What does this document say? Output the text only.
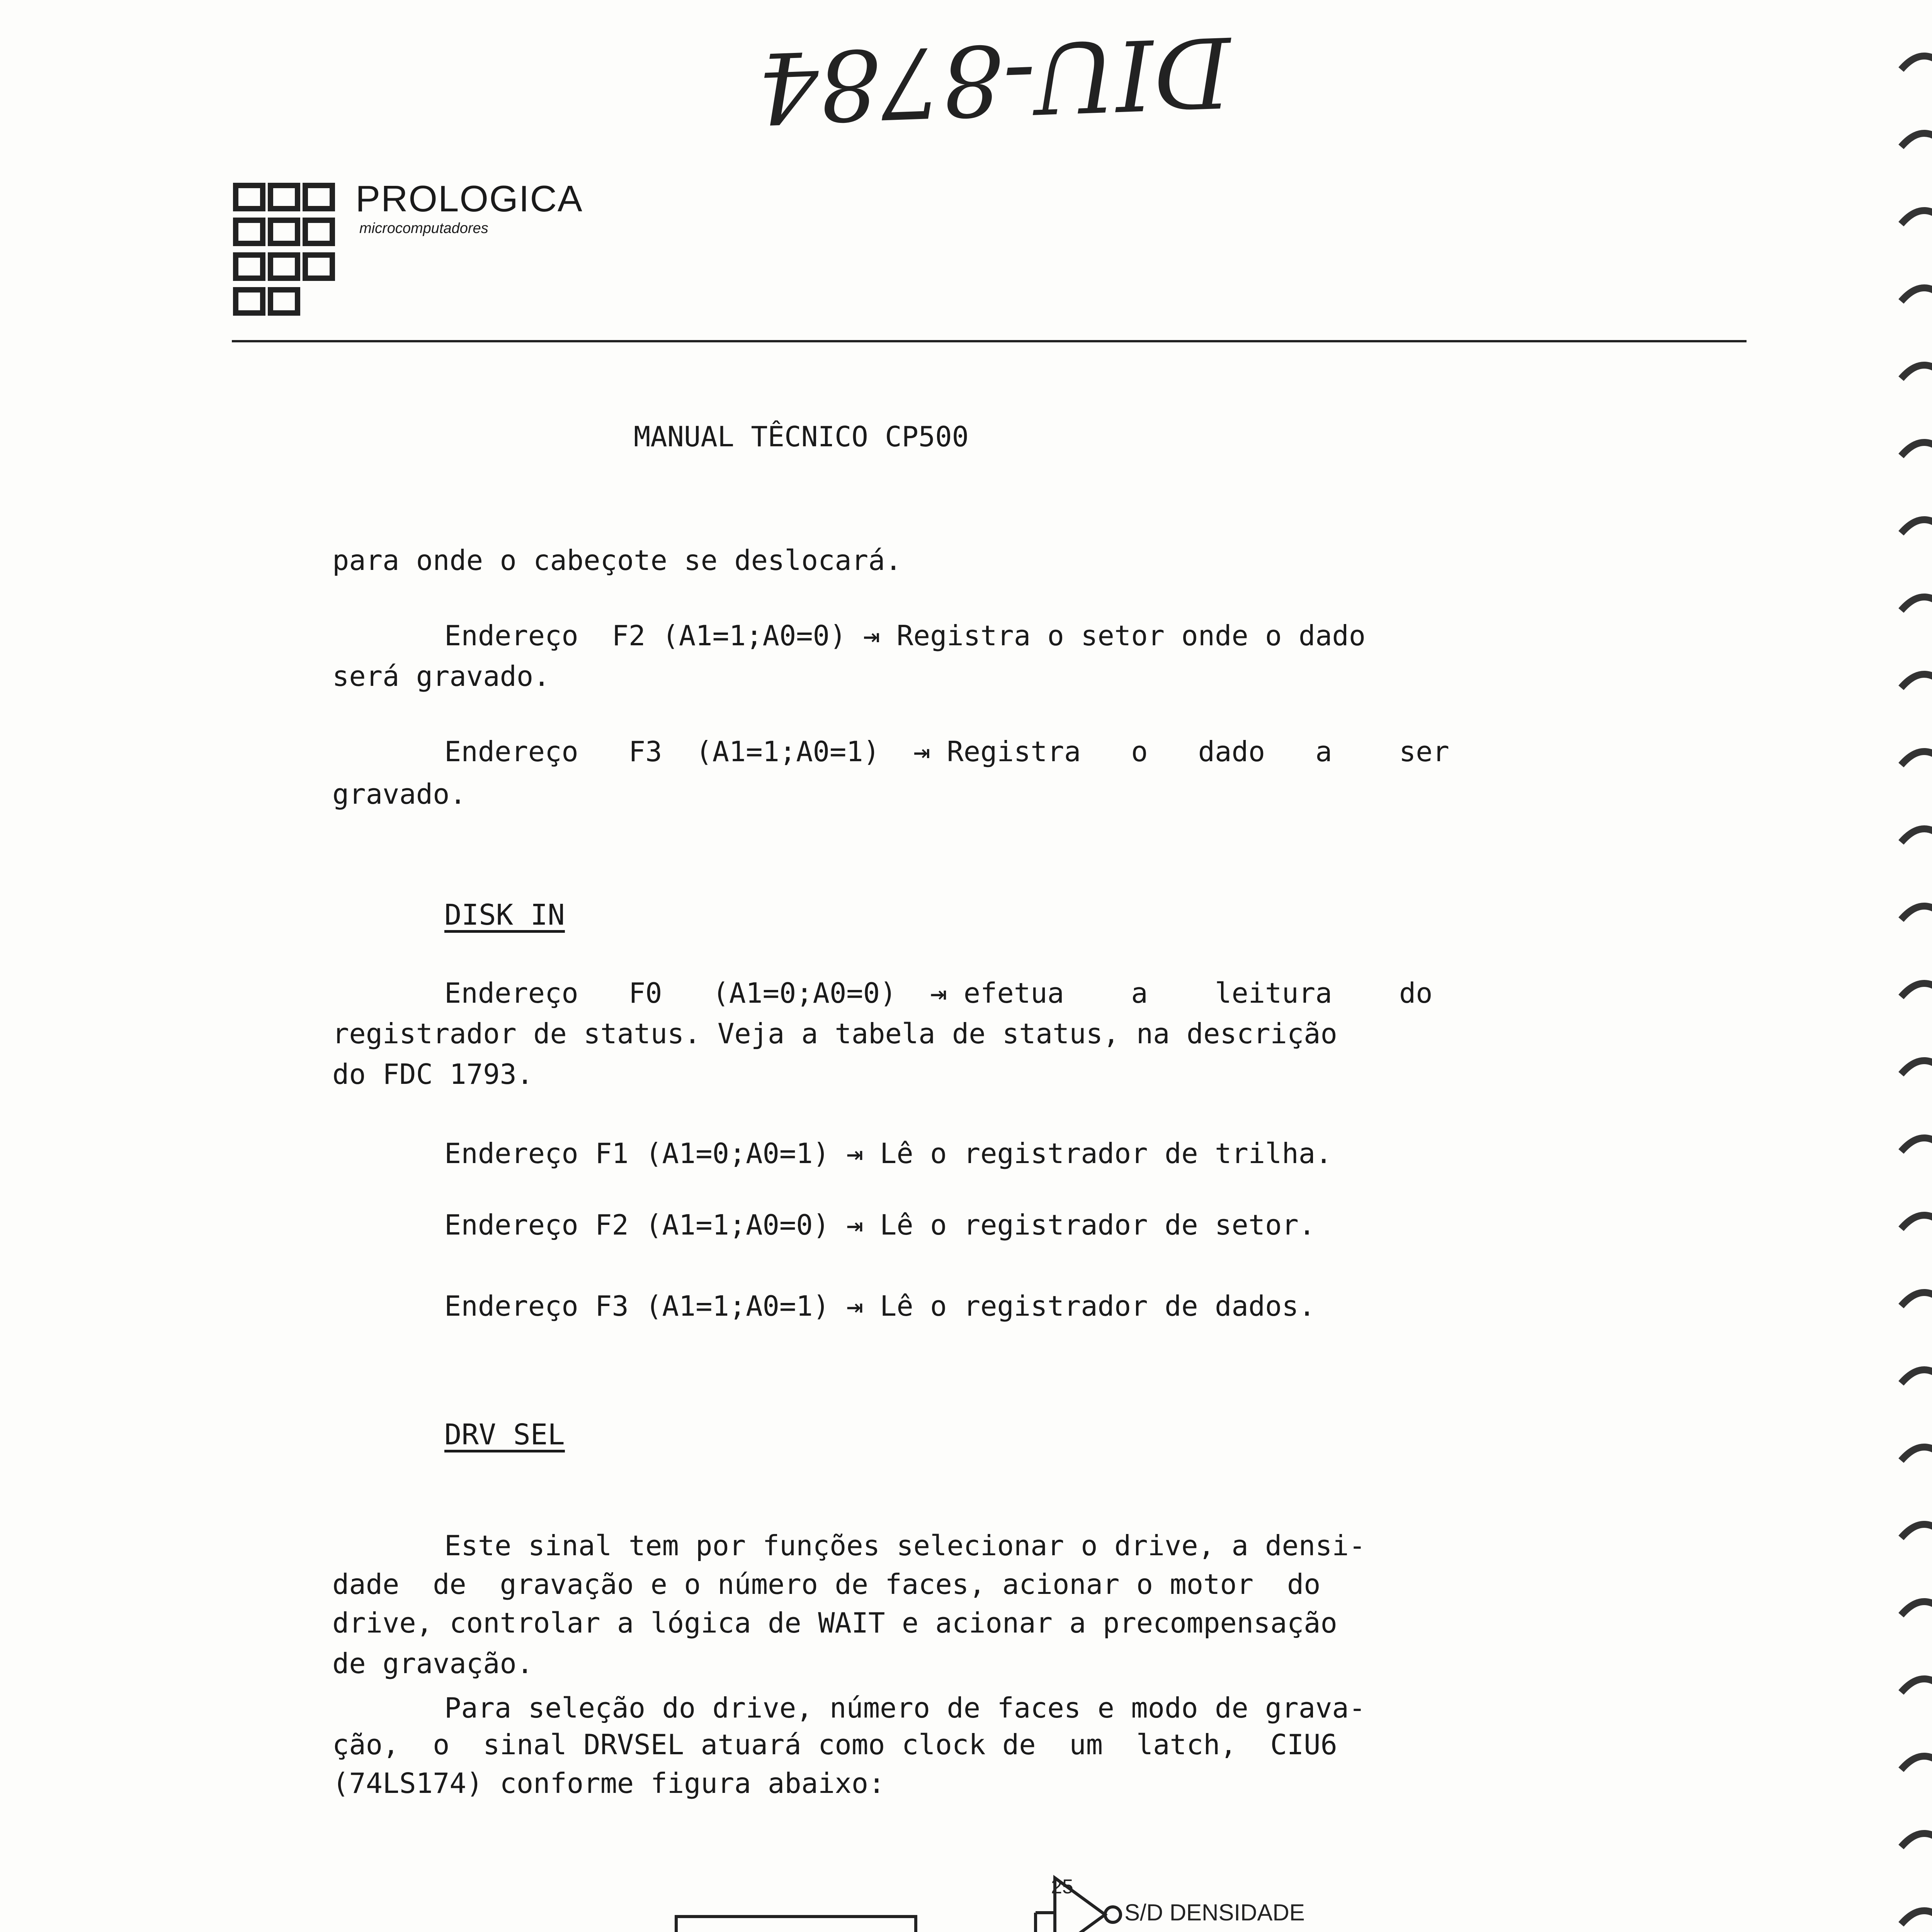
DIU-8784
PROLOGICA
microcomputadores
MANUAL TÊCNICO CP500
para onde o cabeçote se deslocará.
Endereço  F2 (A1=1;A0=0) ⇥ Registra o setor onde o dado
será gravado.
Endereço   F3  (A1=1;A0=1)  ⇥ Registra   o   dado   a    ser
gravado.
DISK IN
Endereço   F0   (A1=0;A0=0)  ⇥ efetua    a    leitura    do
registrador de status. Veja a tabela de status, na descrição
do FDC 1793.
Endereço F1 (A1=0;A0=1) ⇥ Lê o registrador de trilha.
Endereço F2 (A1=1;A0=0) ⇥ Lê o registrador de setor.
Endereço F3 (A1=1;A0=1) ⇥ Lê o registrador de dados.
DRV SEL
Este sinal tem por funções selecionar o drive, a densi-
dade  de  gravação e o número de faces, acionar o motor  do
drive, controlar a lógica de WAIT e acionar a precompensação
de gravação.
Para seleção do drive, número de faces e modo de grava-
ção,  o  sinal DRVSEL atuará como clock de  um  latch,  CIU6
(74LS174) conforme figura abaixo:
25
S/D DENSIDADE
